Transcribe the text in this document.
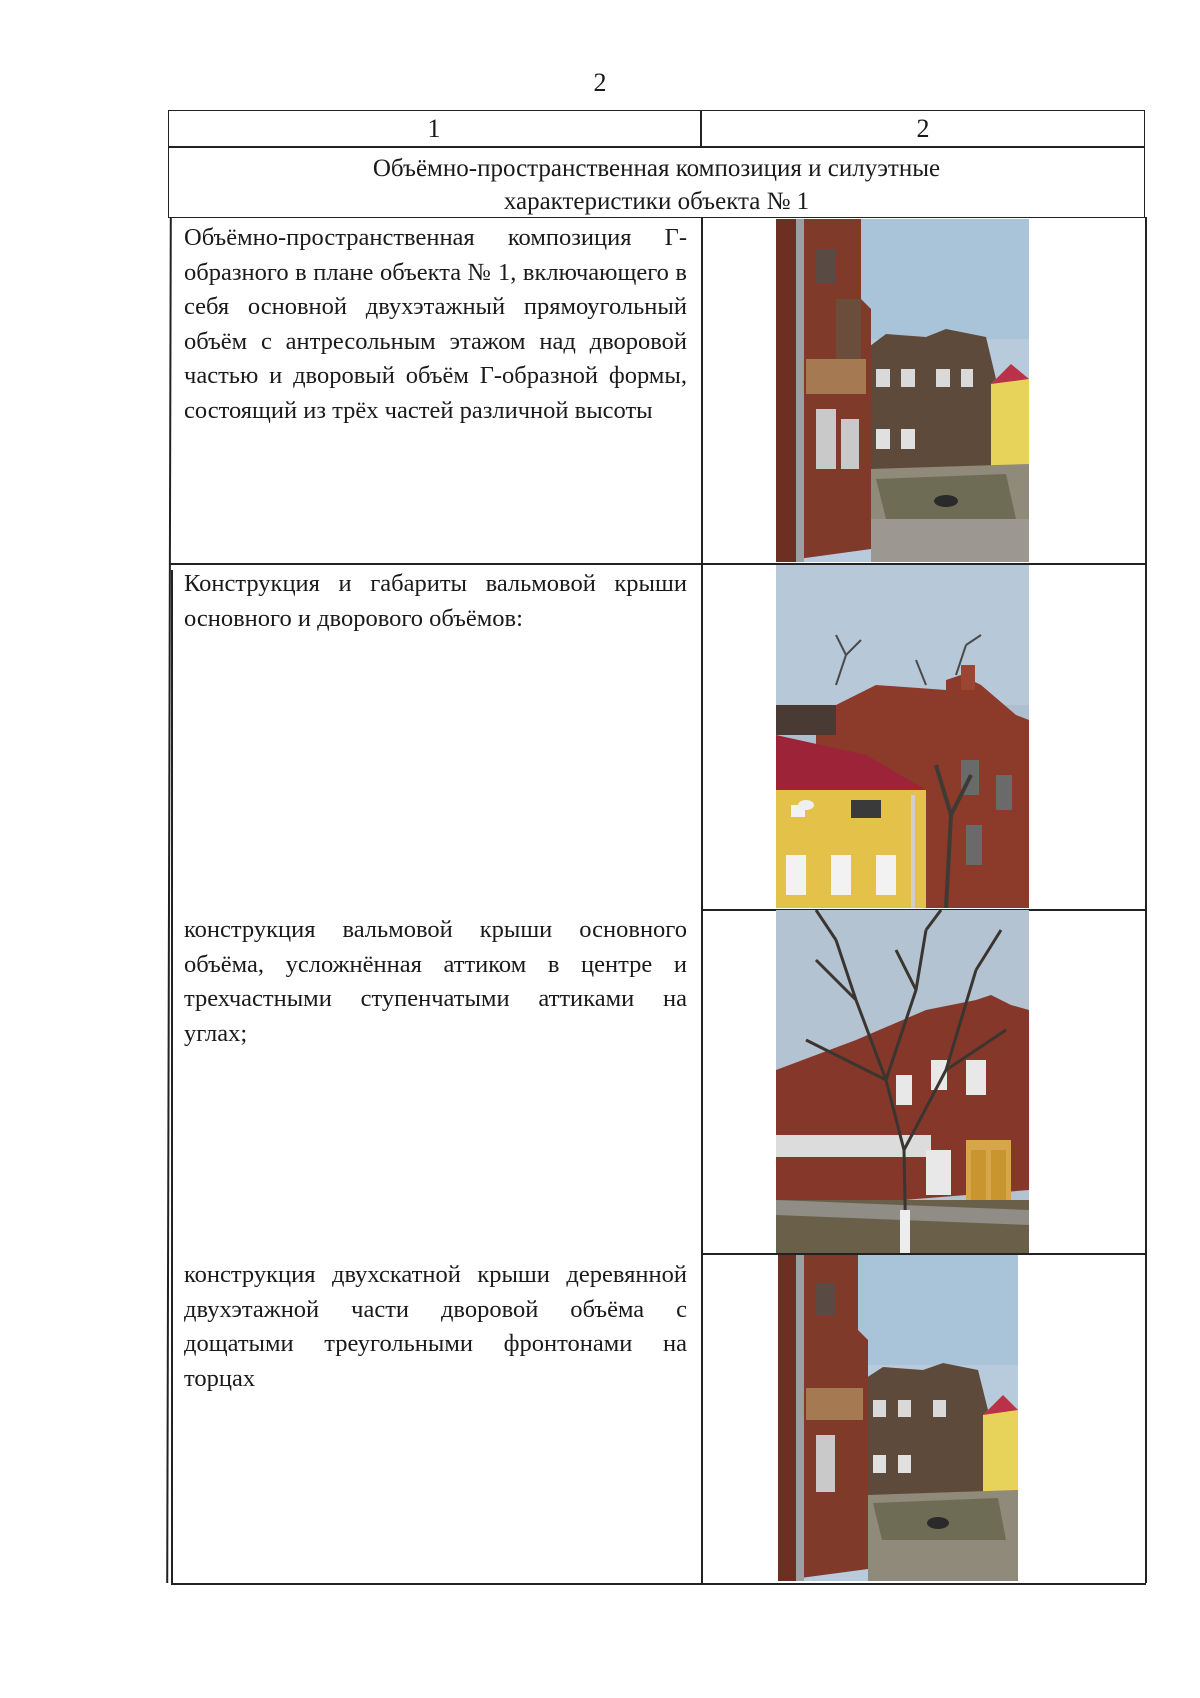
2
1	2
Объёмно-пространственная композиция и силуэтные
характеристики объекта № 1
Объёмно-пространственная композиция Г-образного в плане объекта № 1, включающего в себя основной двухэтажный прямоугольный объём с антресольным этажом над дворовой частью и дворовый объём Г-образной формы, состоящий из трёх частей различной высоты
Конструкция и габариты вальмовой крыши основного и дворового объёмов:
конструкция вальмовой крыши основного объёма, усложнённая аттиком в центре и трехчастными ступенчатыми аттиками на углах;
конструкция двухскатной крыши деревянной двухэтажной части дворовой объёма с дощатыми треугольными фронтонами на торцах
